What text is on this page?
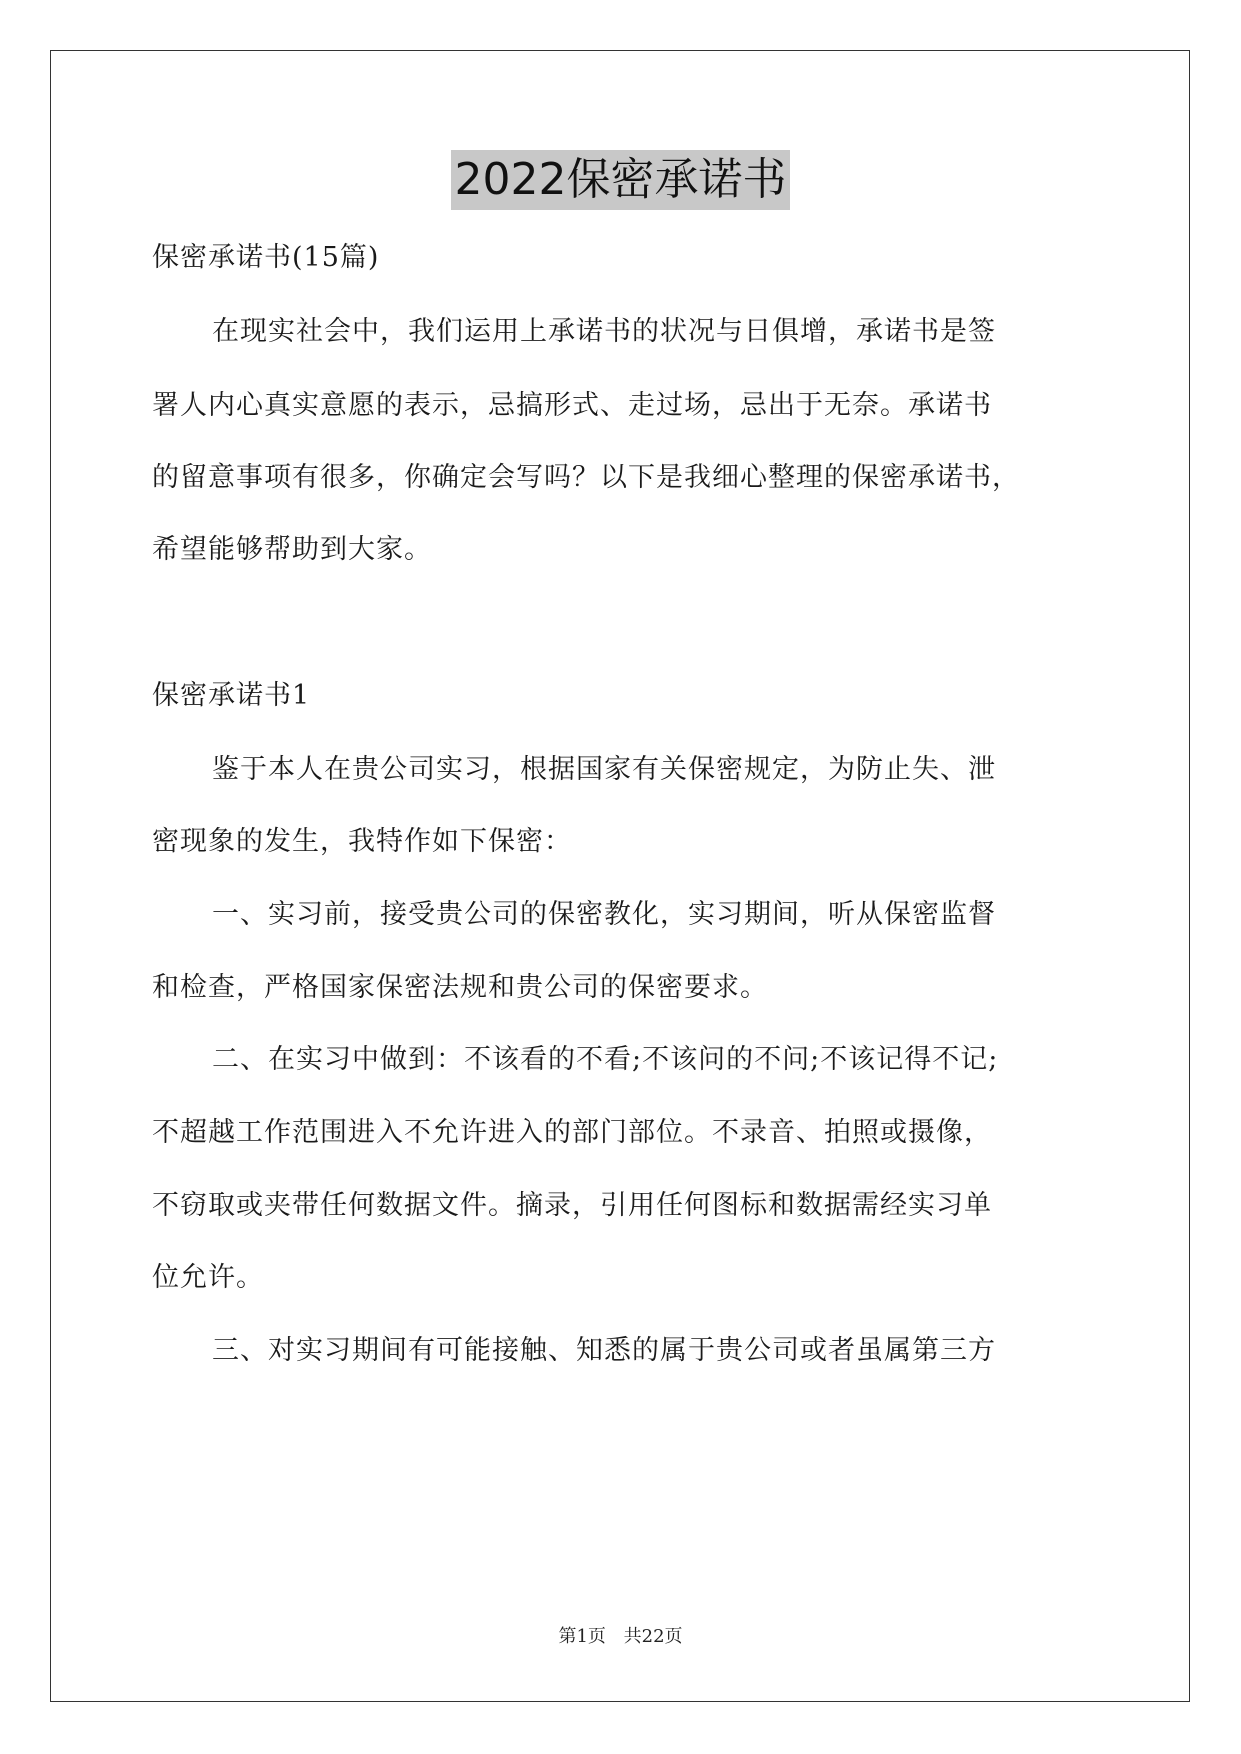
2022保密承诺书
保密承诺书(15篇)
在现实社会中，我们运用上承诺书的状况与日俱增，承诺书是签
署人内心真实意愿的表示，忌搞形式、走过场，忌出于无奈。承诺书
的留意事项有很多，你确定会写吗？以下是我细心整理的保密承诺书，
希望能够帮助到大家。
保密承诺书1
鉴于本人在贵公司实习，根据国家有关保密规定，为防止失、泄
密现象的发生，我特作如下保密：
一、实习前，接受贵公司的保密教化，实习期间，听从保密监督
和检查，严格国家保密法规和贵公司的保密要求。
二、在实习中做到：不该看的不看;不该问的不问;不该记得不记;
不超越工作范围进入不允许进入的部门部位。不录音、拍照或摄像，
不窃取或夹带任何数据文件。摘录，引用任何图标和数据需经实习单
位允许。
三、对实习期间有可能接触、知悉的属于贵公司或者虽属第三方
第1页 共22页
